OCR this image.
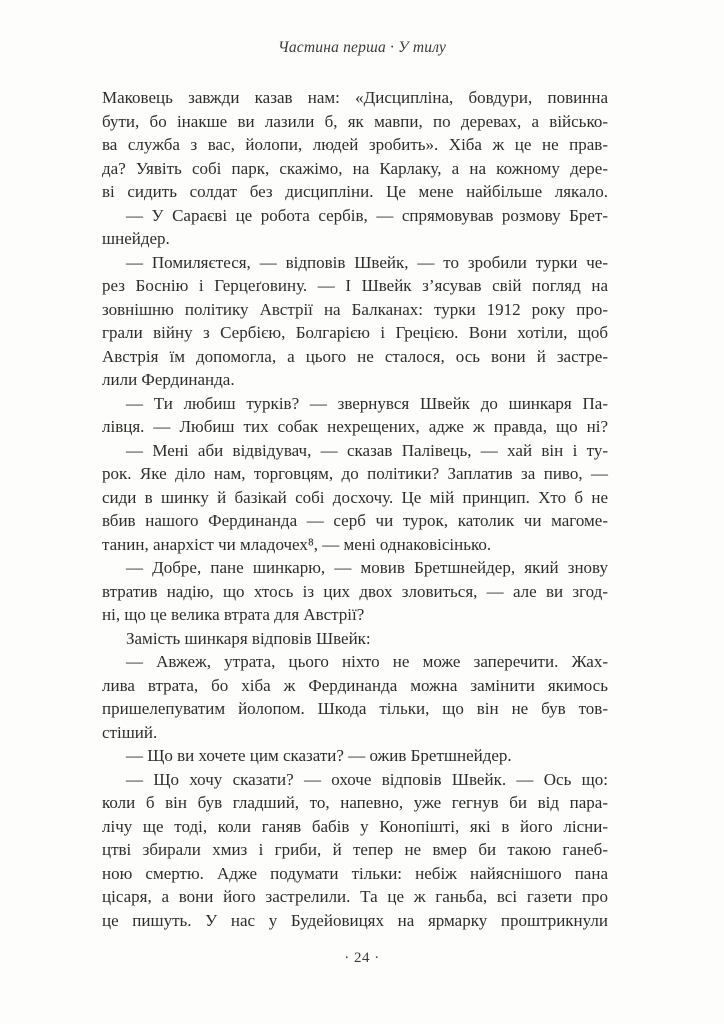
Частина перша · У тилу
Маковець завжди казав нам: «Дисципліна, бовдури, повинна
бути, бо інакше ви лазили б, як мавпи, по деревах, а військо-
ва служба з вас, йолопи, людей зробить». Хіба ж це не прав-
да? Уявіть собі парк, скажімо, на Карлаку, а на кожному дере-
ві сидить солдат без дисципліни. Це мене найбільше лякало.
— У Сараєві це робота сербів, — спрямовував розмову Брет-
шнейдер.
— Помиляєтеся, — відповів Швейк, — то зробили турки че-
рез Боснію і Герцеґовину. — І Швейк з’ясував свій погляд на
зовнішню політику Австрії на Балканах: турки 1912 року про-
грали війну з Сербією, Болгарією і Грецією. Вони хотіли, щоб
Австрія їм допомогла, а цього не сталося, ось вони й застре-
лили Фердинанда.
— Ти любиш турків? — звернувся Швейк до шинкаря Па-
лівця. — Любиш тих собак нехрещених, адже ж правда, що ні?
— Мені аби відвідувач, — сказав Палівець, — хай він і ту-
рок. Яке діло нам, торговцям, до політики? Заплатив за пиво, —
сиди в шинку й базікай собі досхочу. Це мій принцип. Хто б не
вбив нашого Фердинанда — серб чи турок, католик чи магоме-
танин, анархіст чи младочех⁸, — мені однаковісінько.
— Добре, пане шинкарю, — мовив Бретшнейдер, який знову
втратив надію, що хтось із цих двох зловиться, — але ви згод-
ні, що це велика втрата для Австрії?
Замість шинкаря відповів Швейк:
— Авжеж, утрата, цього ніхто не може заперечити. Жах-
лива втрата, бо хіба ж Фердинанда можна замінити якимось
пришелепуватим йолопом. Шкода тільки, що він не був тов-
стіший.
— Що ви хочете цим сказати? — ожив Бретшнейдер.
— Що хочу сказати? — охоче відповів Швейк. — Ось що:
коли б він був гладший, то, напевно, уже гегнув би від пара-
лічу ще тоді, коли ганяв бабів у Конопішті, які в його лісни-
цтві збирали хмиз і гриби, й тепер не вмер би такою ганеб-
ною смертю. Адже подумати тільки: небіж найяснішого пана
цісаря, а вони його застрелили. Та це ж ганьба, всі газети про
це пишуть. У нас у Будейовицях на ярмарку проштрикнули
· 24 ·
